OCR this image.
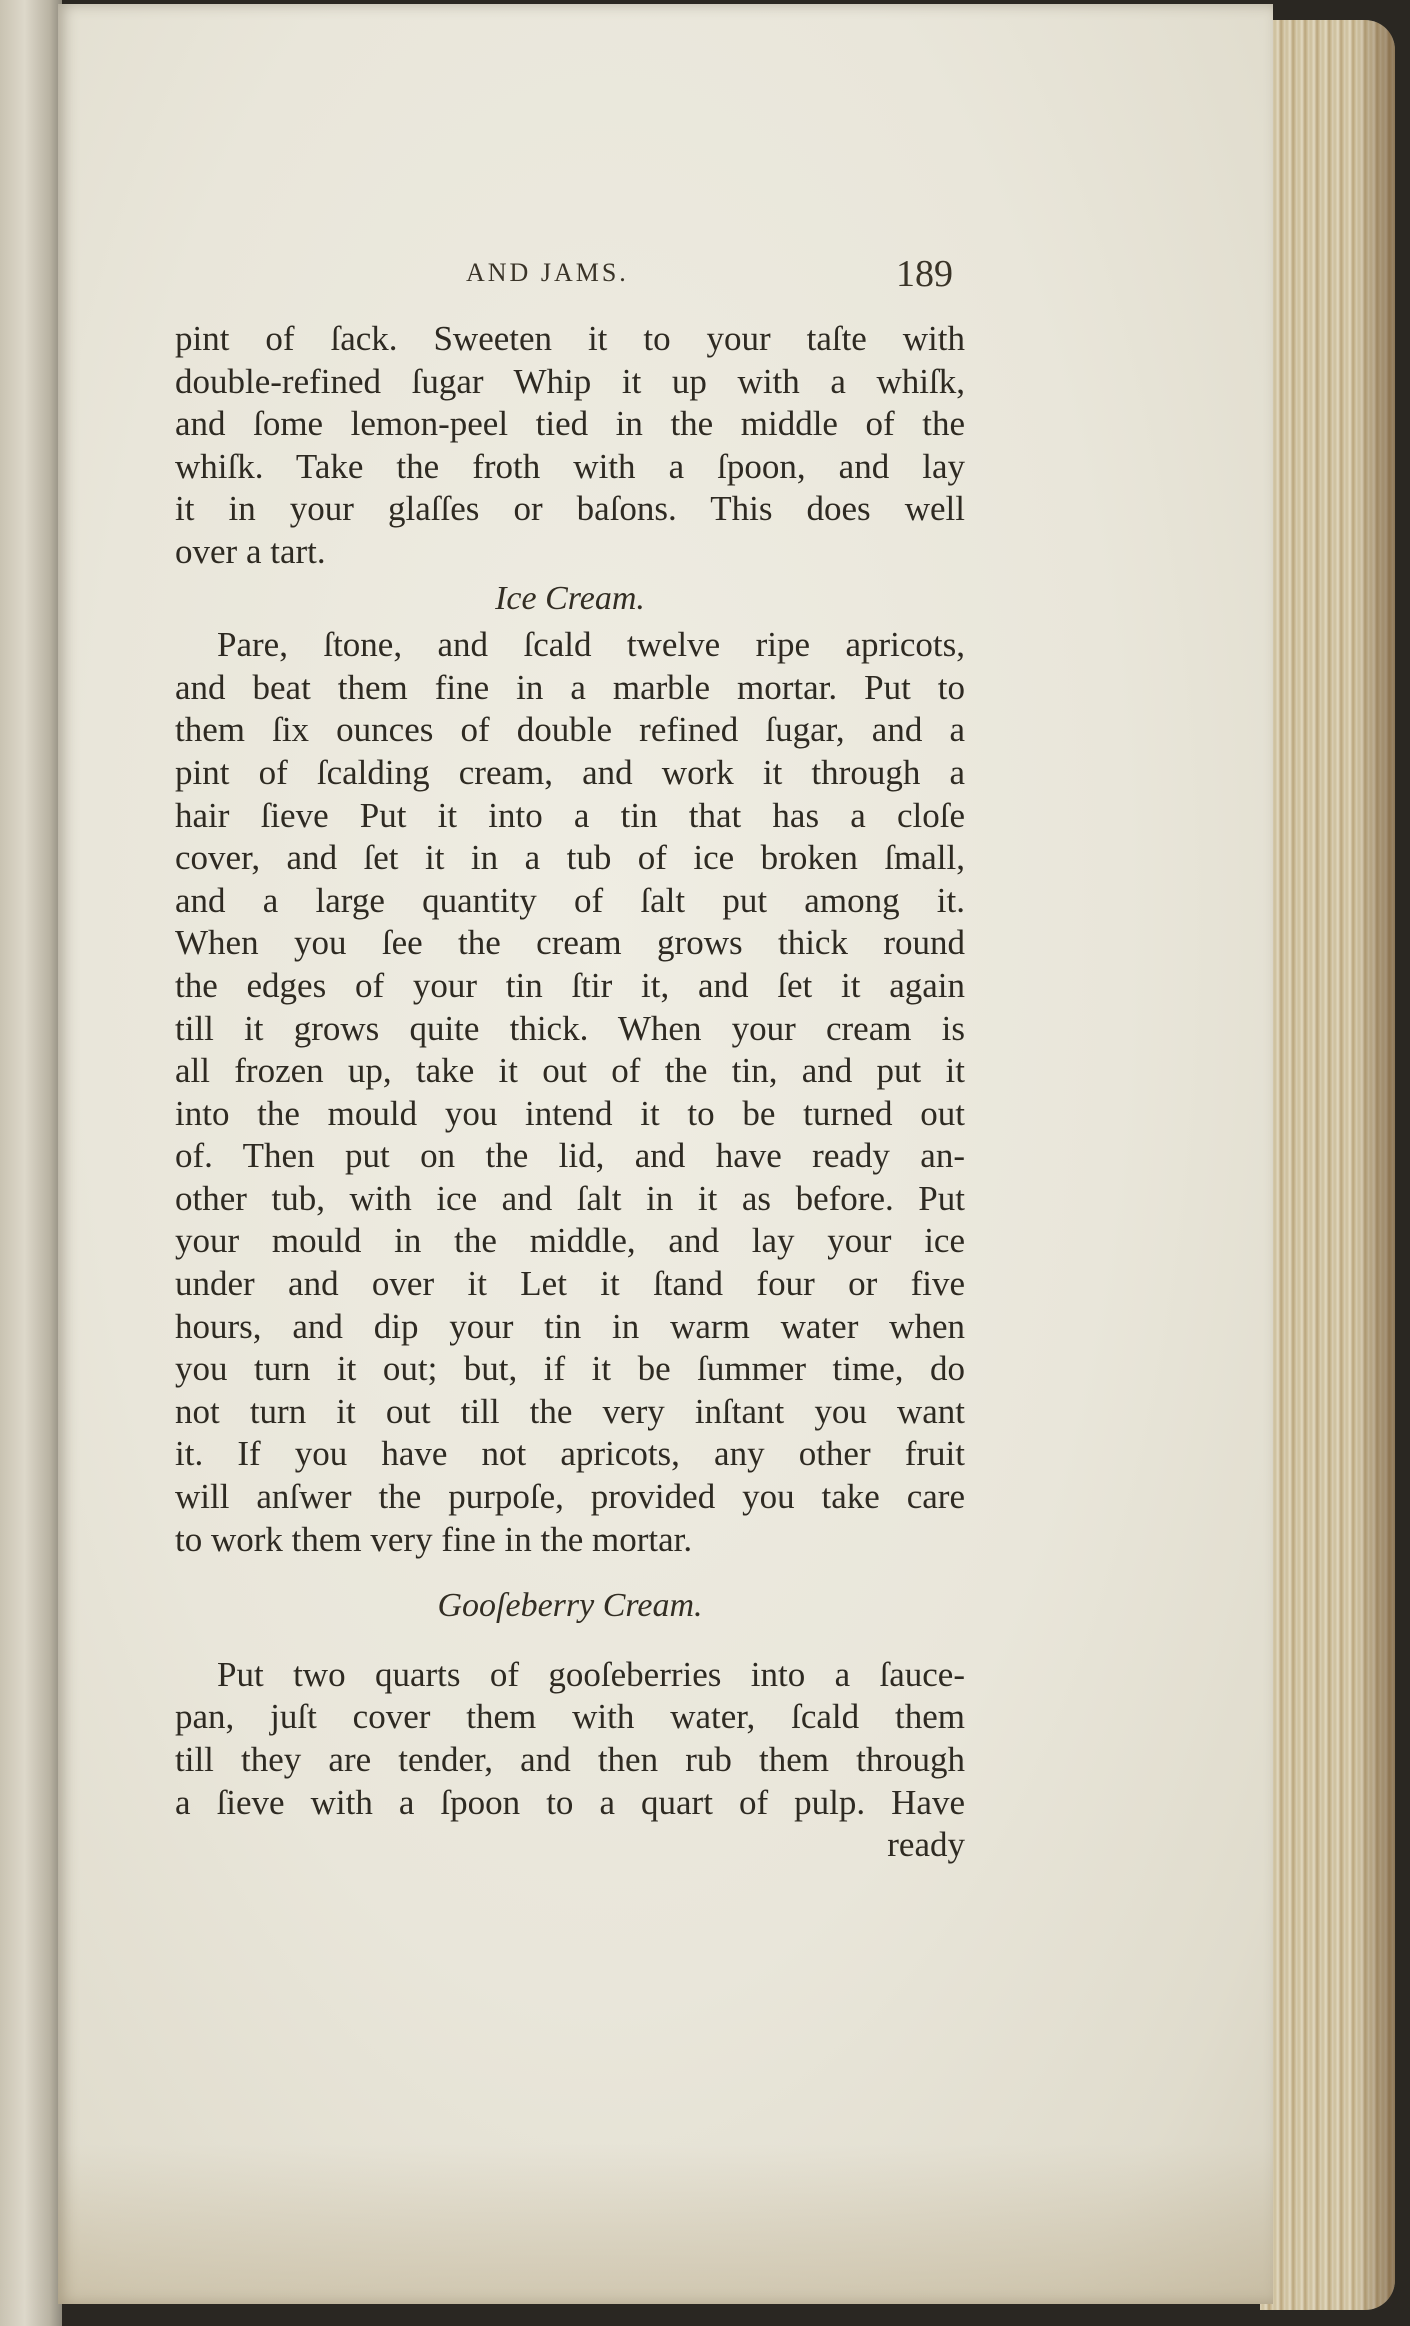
AND JAMS.	189
pint of ſack. Sweeten it to your taſte with
double-refined ſugar Whip it up with a whiſk,
and ſome lemon-peel tied in the middle of the
whiſk. Take the froth with a ſpoon, and lay
it in your glaſſes or baſons. This does well
over a tart.
Ice Cream.
Pare, ſtone, and ſcald twelve ripe apricots,
and beat them fine in a marble mortar. Put to
them ſix ounces of double refined ſugar, and a
pint of ſcalding cream, and work it through a
hair ſieve Put it into a tin that has a cloſe
cover, and ſet it in a tub of ice broken ſmall,
and a large quantity of ſalt put among it.
When you ſee the cream grows thick round
the edges of your tin ſtir it, and ſet it again
till it grows quite thick. When your cream is
all frozen up, take it out of the tin, and put it
into the mould you intend it to be turned out
of. Then put on the lid, and have ready an-
other tub, with ice and ſalt in it as before. Put
your mould in the middle, and lay your ice
under and over it Let it ſtand four or five
hours, and dip your tin in warm water when
you turn it out; but, if it be ſummer time, do
not turn it out till the very inſtant you want
it. If you have not apricots, any other fruit
will anſwer the purpoſe, provided you take care
to work them very fine in the mortar.
Gooſeberry Cream.
Put two quarts of gooſeberries into a ſauce-
pan, juſt cover them with water, ſcald them
till they are tender, and then rub them through
a ſieve with a ſpoon to a quart of pulp. Have
ready
